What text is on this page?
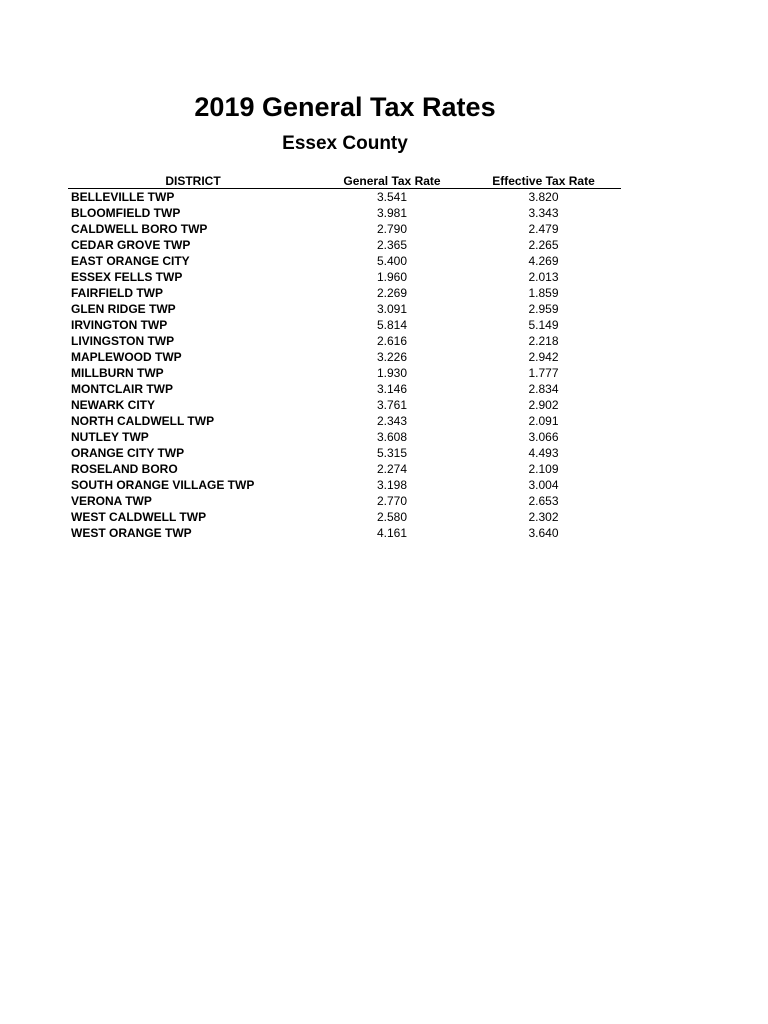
2019 General Tax Rates
Essex County
DISTRICT	General Tax Rate	Effective Tax Rate
BELLEVILLE TWP	3.541	3.820
BLOOMFIELD TWP	3.981	3.343
CALDWELL BORO TWP	2.790	2.479
CEDAR GROVE TWP	2.365	2.265
EAST ORANGE CITY	5.400	4.269
ESSEX FELLS TWP	1.960	2.013
FAIRFIELD TWP	2.269	1.859
GLEN RIDGE TWP	3.091	2.959
IRVINGTON TWP	5.814	5.149
LIVINGSTON TWP	2.616	2.218
MAPLEWOOD TWP	3.226	2.942
MILLBURN TWP	1.930	1.777
MONTCLAIR TWP	3.146	2.834
NEWARK CITY	3.761	2.902
NORTH CALDWELL TWP	2.343	2.091
NUTLEY TWP	3.608	3.066
ORANGE CITY TWP	5.315	4.493
ROSELAND BORO	2.274	2.109
SOUTH ORANGE VILLAGE TWP	3.198	3.004
VERONA TWP	2.770	2.653
WEST CALDWELL TWP	2.580	2.302
WEST ORANGE TWP	4.161	3.640
